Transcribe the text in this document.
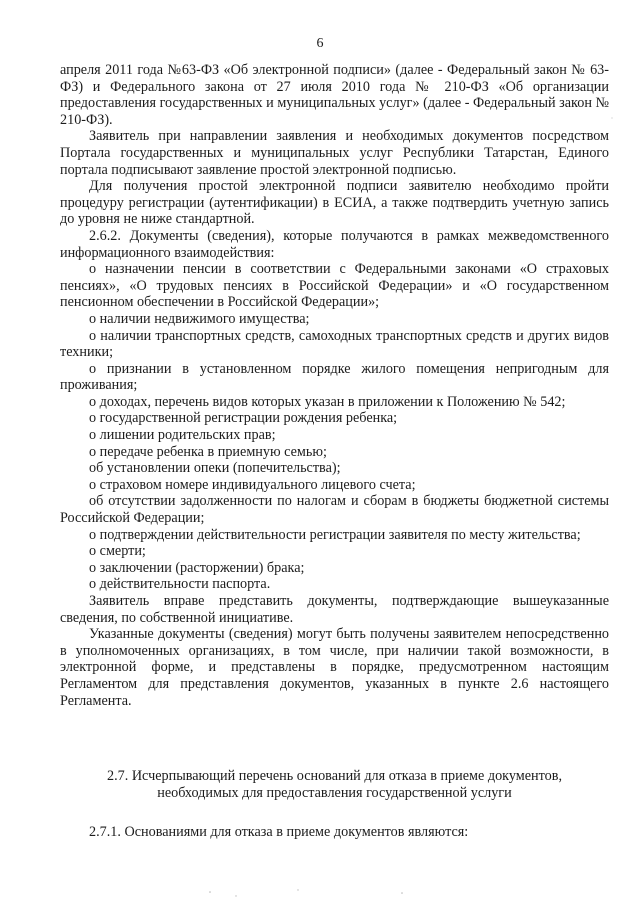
6

апреля 2011 года №63-ФЗ «Об электронной подписи» (далее - Федеральный закон № 63-ФЗ) и Федерального закона от 27 июля 2010 года № 210-ФЗ «Об организации предоставления государственных и муниципальных услуг» (далее - Федеральный закон № 210-ФЗ).

Заявитель при направлении заявления и необходимых документов посредством Портала государственных и муниципальных услуг Республики Татарстан, Единого портала подписывают заявление простой электронной подписью.

Для получения простой электронной подписи заявителю необходимо пройти процедуру регистрации (аутентификации) в ЕСИА, а также подтвердить учетную запись до уровня не ниже стандартной.

2.6.2. Документы (сведения), которые получаются в рамках межведомственного информационного взаимодействия:

о назначении пенсии в соответствии с Федеральными законами «О страховых пенсиях», «О трудовых пенсиях в Российской Федерации» и «О государственном пенсионном обеспечении в Российской Федерации»;

о наличии недвижимого имущества;

о наличии транспортных средств, самоходных транспортных средств и других видов техники;

о признании в установленном порядке жилого помещения непригодным для проживания;

о доходах, перечень видов которых указан в приложении к Положению № 542;

о государственной регистрации рождения ребенка;

о лишении родительских прав;

о передаче ребенка в приемную семью;

об установлении опеки (попечительства);

о страховом номере индивидуального лицевого счета;

об отсутствии задолженности по налогам и сборам в бюджеты бюджетной системы Российской Федерации;

о подтверждении действительности регистрации заявителя по месту жительства;

о смерти;

о заключении (расторжении) брака;

о действительности паспорта.

Заявитель вправе представить документы, подтверждающие вышеуказанные сведения, по собственной инициативе.

Указанные документы (сведения) могут быть получены заявителем непосредственно в уполномоченных организациях, в том числе, при наличии такой возможности, в электронной форме, и представлены в порядке, предусмотренном настоящим Регламентом для представления документов, указанных в пункте 2.6 настоящего Регламента.

2.7. Исчерпывающий перечень оснований для отказа в приеме документов,
необходимых для предоставления государственной услуги
2.7.1. Основаниями для отказа в приеме документов являются:
